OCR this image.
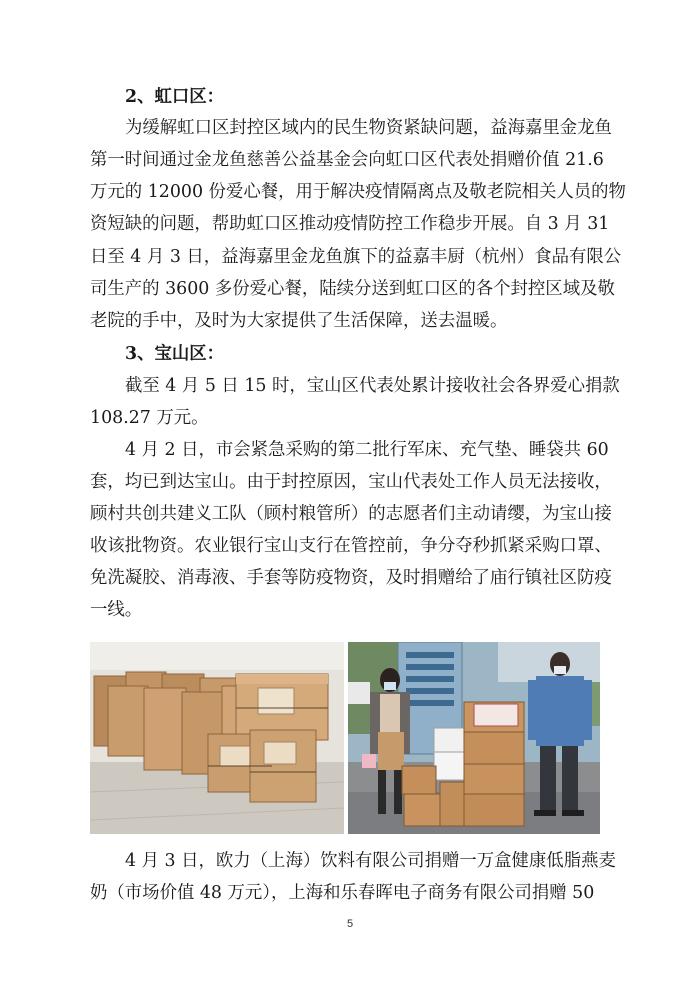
2、虹口区：

为缓解虹口区封控区域内的民生物资紧缺问题，益海嘉里金龙鱼

第一时间通过金龙鱼慈善公益基金会向虹口区代表处捐赠价值 21.6

万元的 12000 份爱心餐，用于解决疫情隔离点及敬老院相关人员的物

资短缺的问题，帮助虹口区推动疫情防控工作稳步开展。自 3 月 31

日至 4 月 3 日，益海嘉里金龙鱼旗下的益嘉丰厨（杭州）食品有限公

司生产的 3600 多份爱心餐，陆续分送到虹口区的各个封控区域及敬

老院的手中，及时为大家提供了生活保障，送去温暖。

3、宝山区：

截至 4 月 5 日 15 时，宝山区代表处累计接收社会各界爱心捐款

108.27 万元。

4 月 2 日，市会紧急采购的第二批行军床、充气垫、睡袋共 60

套，均已到达宝山。由于封控原因，宝山代表处工作人员无法接收，

顾村共创共建义工队（顾村粮管所）的志愿者们主动请缨，为宝山接

收该批物资。农业银行宝山支行在管控前，争分夺秒抓紧采购口罩、

免洗凝胶、消毒液、手套等防疫物资，及时捐赠给了庙行镇社区防疫

一线。

4 月 3 日，欧力（上海）饮料有限公司捐赠一万盒健康低脂燕麦

奶（市场价值 48 万元），上海和乐春晖电子商务有限公司捐赠 50

5
